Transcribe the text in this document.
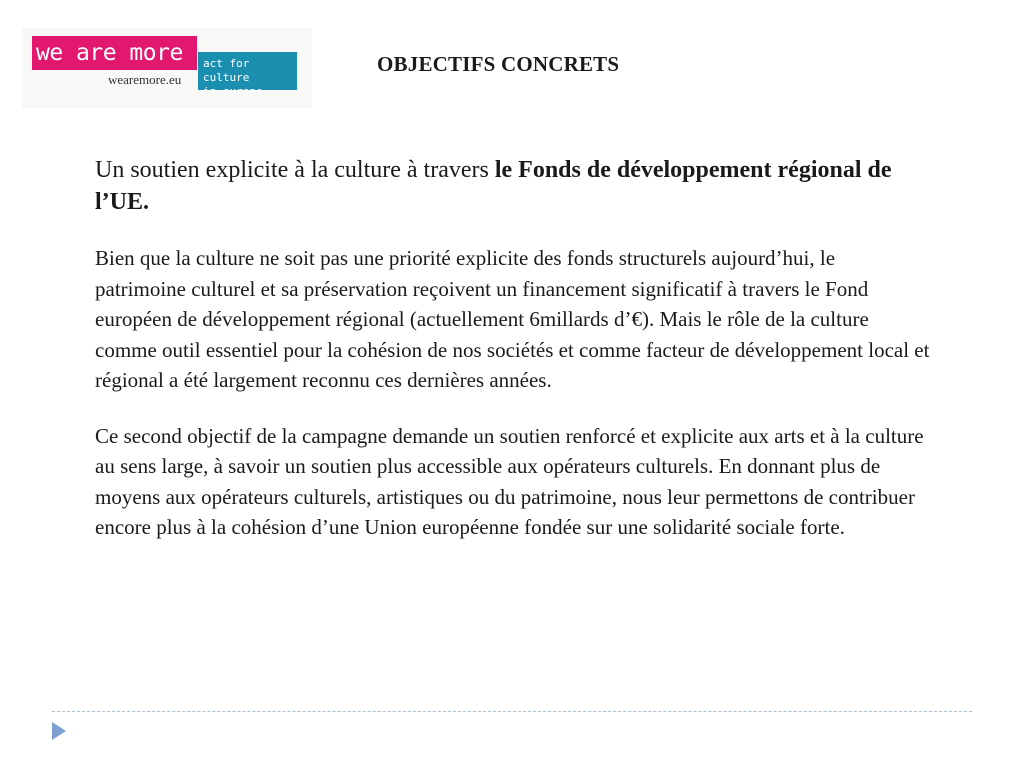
we are more
wearemore.eu
act for culture
in europe
OBJECTIFS CONCRETS

Un soutien explicite à la culture à travers le Fonds de développement régional de l’UE.

Bien que la culture ne soit pas une priorité explicite des fonds structurels aujourd’hui, le patrimoine culturel et sa préservation reçoivent un financement significatif à travers le Fond européen de développement régional (actuellement 6millards d’€). Mais le rôle de la culture comme outil essentiel pour la cohésion de nos sociétés et comme facteur de développement local et régional a été largement reconnu ces dernières années.

Ce second objectif de la campagne demande un soutien renforcé et explicite aux arts et à la culture au sens large, à savoir un soutien plus accessible aux opérateurs culturels. En donnant plus de moyens aux opérateurs culturels, artistiques ou du patrimoine, nous leur permettons de contribuer encore plus à la cohésion d’une Union européenne fondée sur une solidarité sociale forte.
